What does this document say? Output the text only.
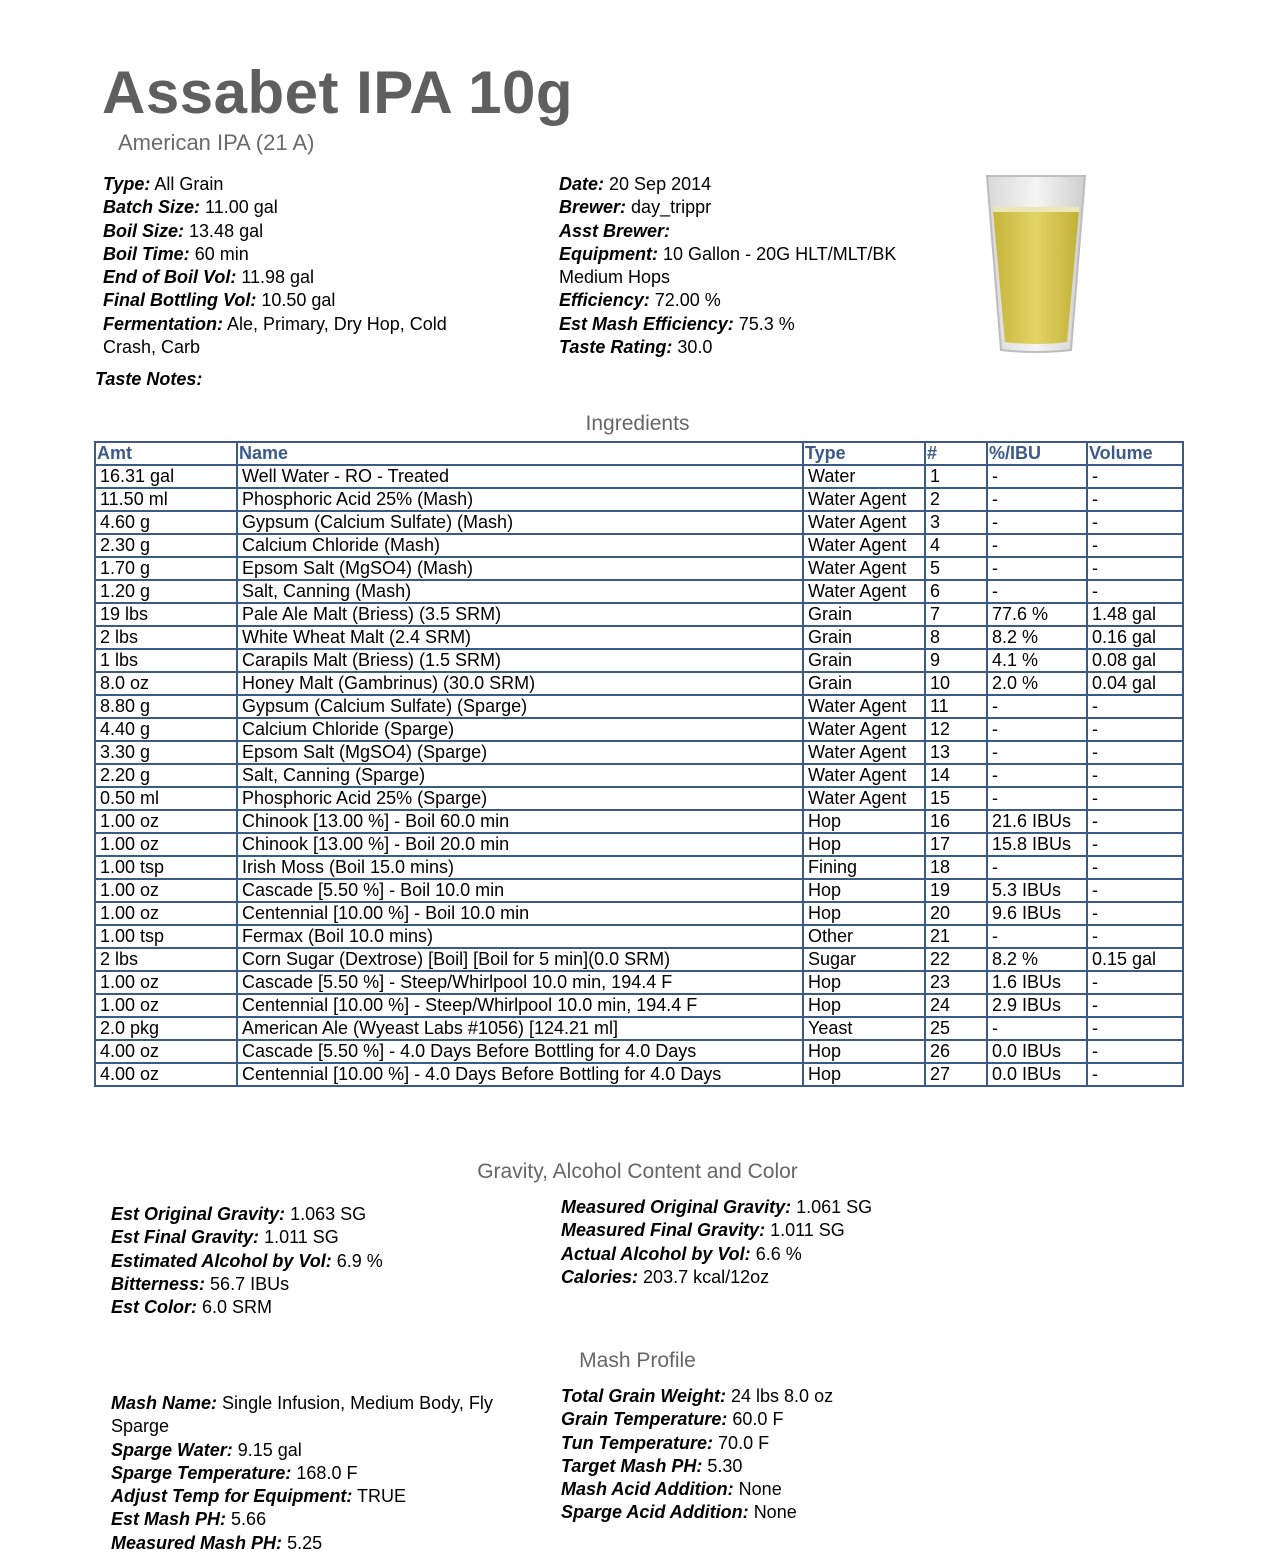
Assabet IPA 10g
American IPA (21 A)
Type: All Grain
Batch Size: 11.00 gal
Boil Size: 13.48 gal
Boil Time: 60 min
End of Boil Vol: 11.98 gal
Final Bottling Vol: 10.50 gal
Fermentation: Ale, Primary, Dry Hop, Cold Crash, Carb
Date: 20 Sep 2014
Brewer: day_trippr
Asst Brewer:
Equipment: 10 Gallon - 20G HLT/MLT/BK Medium Hops
Efficiency: 72.00 %
Est Mash Efficiency: 75.3 %
Taste Rating: 30.0
Taste Notes:
Ingredients
Amt	Name	Type	#	%/IBU	Volume
16.31 gal	Well Water - RO - Treated	Water	1	-	-
11.50 ml	Phosphoric Acid 25% (Mash)	Water Agent	2	-	-
4.60 g	Gypsum (Calcium Sulfate) (Mash)	Water Agent	3	-	-
2.30 g	Calcium Chloride (Mash)	Water Agent	4	-	-
1.70 g	Epsom Salt (MgSO4) (Mash)	Water Agent	5	-	-
1.20 g	Salt, Canning (Mash)	Water Agent	6	-	-
19 lbs	Pale Ale Malt (Briess) (3.5 SRM)	Grain	7	77.6 %	1.48 gal
2 lbs	White Wheat Malt (2.4 SRM)	Grain	8	8.2 %	0.16 gal
1 lbs	Carapils Malt (Briess) (1.5 SRM)	Grain	9	4.1 %	0.08 gal
8.0 oz	Honey Malt (Gambrinus) (30.0 SRM)	Grain	10	2.0 %	0.04 gal
8.80 g	Gypsum (Calcium Sulfate) (Sparge)	Water Agent	11	-	-
4.40 g	Calcium Chloride (Sparge)	Water Agent	12	-	-
3.30 g	Epsom Salt (MgSO4) (Sparge)	Water Agent	13	-	-
2.20 g	Salt, Canning (Sparge)	Water Agent	14	-	-
0.50 ml	Phosphoric Acid 25% (Sparge)	Water Agent	15	-	-
1.00 oz	Chinook [13.00 %] - Boil 60.0 min	Hop	16	21.6 IBUs	-
1.00 oz	Chinook [13.00 %] - Boil 20.0 min	Hop	17	15.8 IBUs	-
1.00 tsp	Irish Moss (Boil 15.0 mins)	Fining	18	-	-
1.00 oz	Cascade [5.50 %] - Boil 10.0 min	Hop	19	5.3 IBUs	-
1.00 oz	Centennial [10.00 %] - Boil 10.0 min	Hop	20	9.6 IBUs	-
1.00 tsp	Fermax (Boil 10.0 mins)	Other	21	-	-
2 lbs	Corn Sugar (Dextrose) [Boil] [Boil for 5 min](0.0 SRM)	Sugar	22	8.2 %	0.15 gal
1.00 oz	Cascade [5.50 %] - Steep/Whirlpool 10.0 min, 194.4 F	Hop	23	1.6 IBUs	-
1.00 oz	Centennial [10.00 %] - Steep/Whirlpool 10.0 min, 194.4 F	Hop	24	2.9 IBUs	-
2.0 pkg	American Ale (Wyeast Labs #1056) [124.21 ml]	Yeast	25	-	-
4.00 oz	Cascade [5.50 %] - 4.0 Days Before Bottling for 4.0 Days	Hop	26	0.0 IBUs	-
4.00 oz	Centennial [10.00 %] - 4.0 Days Before Bottling for 4.0 Days	Hop	27	0.0 IBUs	-
Gravity, Alcohol Content and Color
Est Original Gravity: 1.063 SG
Est Final Gravity: 1.011 SG
Estimated Alcohol by Vol: 6.9 %
Bitterness: 56.7 IBUs
Est Color: 6.0 SRM
Measured Original Gravity: 1.061 SG
Measured Final Gravity: 1.011 SG
Actual Alcohol by Vol: 6.6 %
Calories: 203.7 kcal/12oz
Mash Profile
Mash Name: Single Infusion, Medium Body, Fly Sparge
Sparge Water: 9.15 gal
Sparge Temperature: 168.0 F
Adjust Temp for Equipment: TRUE
Est Mash PH: 5.66
Measured Mash PH: 5.25
Total Grain Weight: 24 lbs 8.0 oz
Grain Temperature: 60.0 F
Tun Temperature: 70.0 F
Target Mash PH: 5.30
Mash Acid Addition: None
Sparge Acid Addition: None
